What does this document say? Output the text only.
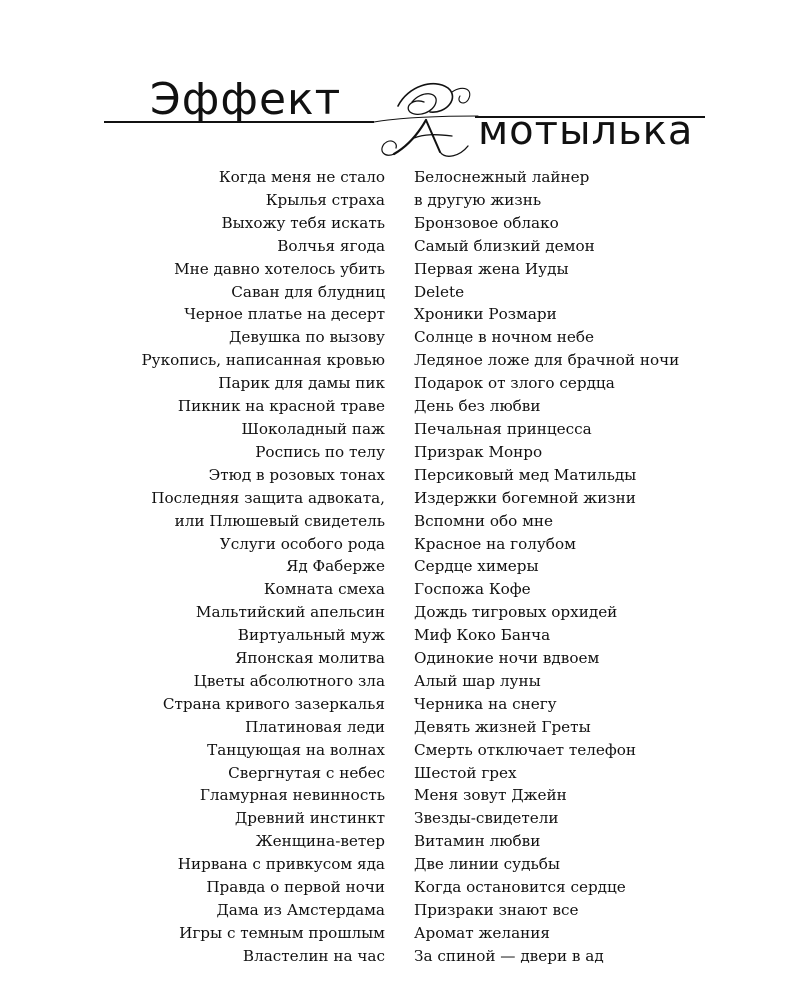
Эффект
мотылька
Когда меня не стало
Крылья страха
Выхожу тебя искать
Волчья ягода
Мне давно хотелось убить
Саван для блудниц
Черное платье на десерт
Девушка по вызову
Рукопись, написанная кровью
Парик для дамы пик
Пикник на красной траве
Шоколадный паж
Роспись по телу
Этюд в розовых тонах
Последняя защита адвоката,
или Плюшевый свидетель
Услуги особого рода
Яд Фаберже
Комната смеха
Мальтийский апельсин
Виртуальный муж
Японская молитва
Цветы абсолютного зла
Страна кривого зазеркалья
Платиновая леди
Танцующая на волнах
Свергнутая с небес
Гламурная невинность
Древний инстинкт
Женщина-ветер
Нирвана с привкусом яда
Правда о первой ночи
Дама из Амстердама
Игры с темным прошлым
Властелин на час
Белоснежный лайнер
в другую жизнь
Бронзовое облако
Самый близкий демон
Первая жена Иуды
Delete
Хроники Розмари
Солнце в ночном небе
Ледяное ложе для брачной ночи
Подарок от злого сердца
День без любви
Печальная принцесса
Призрак Монро
Персиковый мед Матильды
Издержки богемной жизни
Вспомни обо мне
Красное на голубом
Сердце химеры
Госпожа Кофе
Дождь тигровых орхидей
Миф Коко Банча
Одинокие ночи вдвоем
Алый шар луны
Черника на снегу
Девять жизней Греты
Смерть отключает телефон
Шестой грех
Меня зовут Джейн
Звезды-свидетели
Витамин любви
Две линии судьбы
Когда остановится сердце
Призраки знают все
Аромат желания
За спиной — двери в ад
